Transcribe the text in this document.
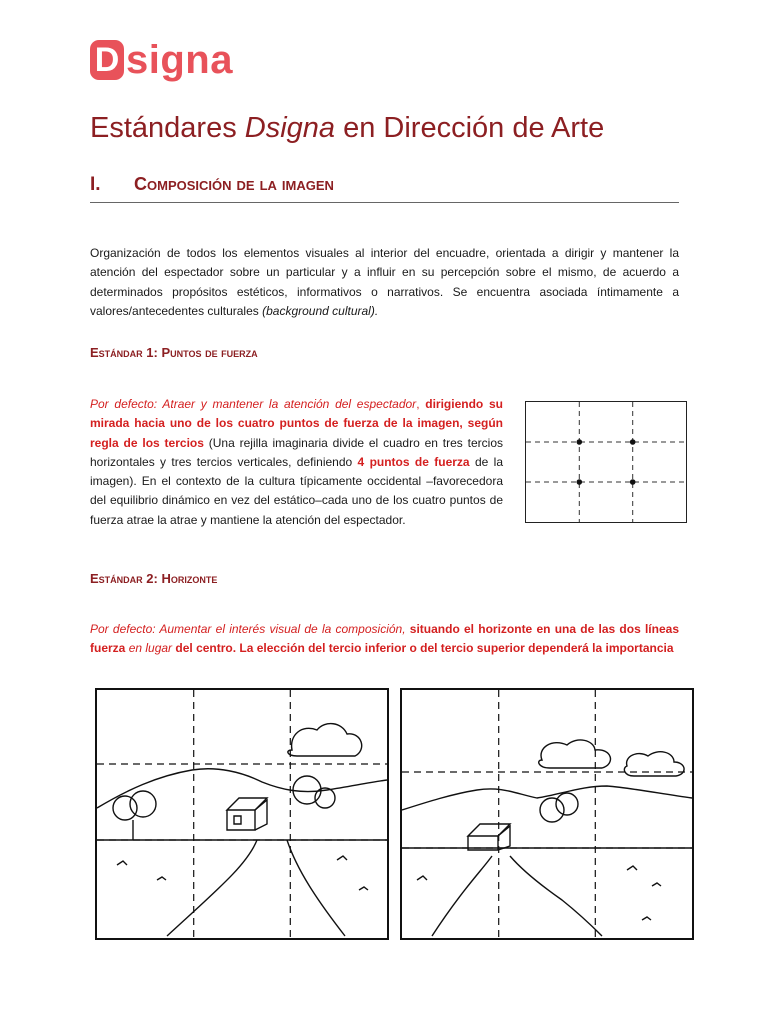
D signa
Estándares Dsigna en Dirección de Arte
I.	Composición de la imagen

Organización de todos los elementos visuales al interior del encuadre, orientada a dirigir y mantener la atención del espectador sobre un particular y a influir en su percepción sobre el mismo, de acuerdo a determinados propósitos estéticos, informativos o narrativos. Se encuentra asociada íntimamente a valores/antecedentes culturales (background cultural).

Estándar 1: Puntos de fuerza

Por defecto: Atraer y mantener la atención del espectador, dirigiendo su mirada hacia uno de los cuatro puntos de fuerza de la imagen, según regla de los tercios (Una rejilla imaginaria divide el cuadro en tres tercios horizontales y tres tercios verticales, definiendo 4 puntos de fuerza de la imagen). En el contexto de la cultura típicamente occidental –favorecedora del equilibrio dinámico en vez del estático–cada uno de los cuatro puntos de fuerza atrae la atrae y mantiene la atención del espectador.

Estándar 2: Horizonte

Por defecto: Aumentar el interés visual de la composición, situando el horizonte en una de las dos líneas fuerza en lugar del centro. La elección del tercio inferior o del tercio superior dependerá la importancia
